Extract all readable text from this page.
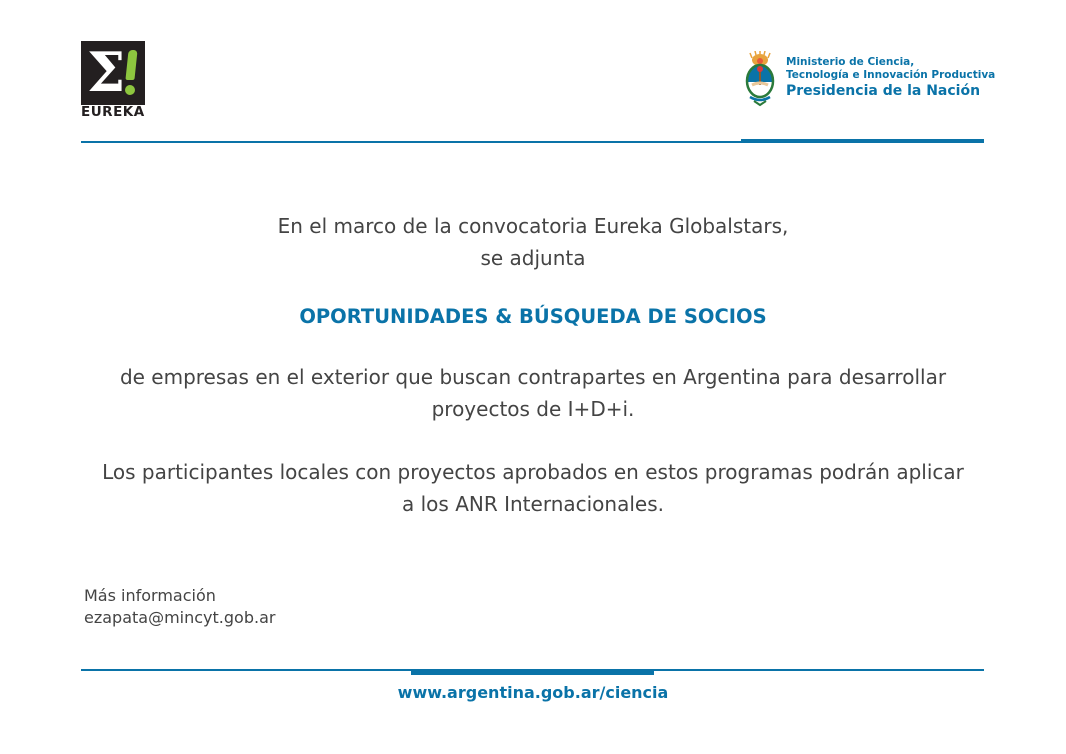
Σ
EUREKA
Ministerio de Ciencia,
Tecnología e Innovación Productiva
Presidencia de la Nación
En el marco de la convocatoria Eureka Globalstars,
se adjunta
OPORTUNIDADES & BÚSQUEDA DE SOCIOS
de empresas en el exterior que buscan contrapartes en Argentina para desarrollar
proyectos de I+D+i.
Los participantes locales con proyectos aprobados en estos programas podrán aplicar
a los ANR Internacionales.
Más información
ezapata@mincyt.gob.ar
www.argentina.gob.ar/ciencia
